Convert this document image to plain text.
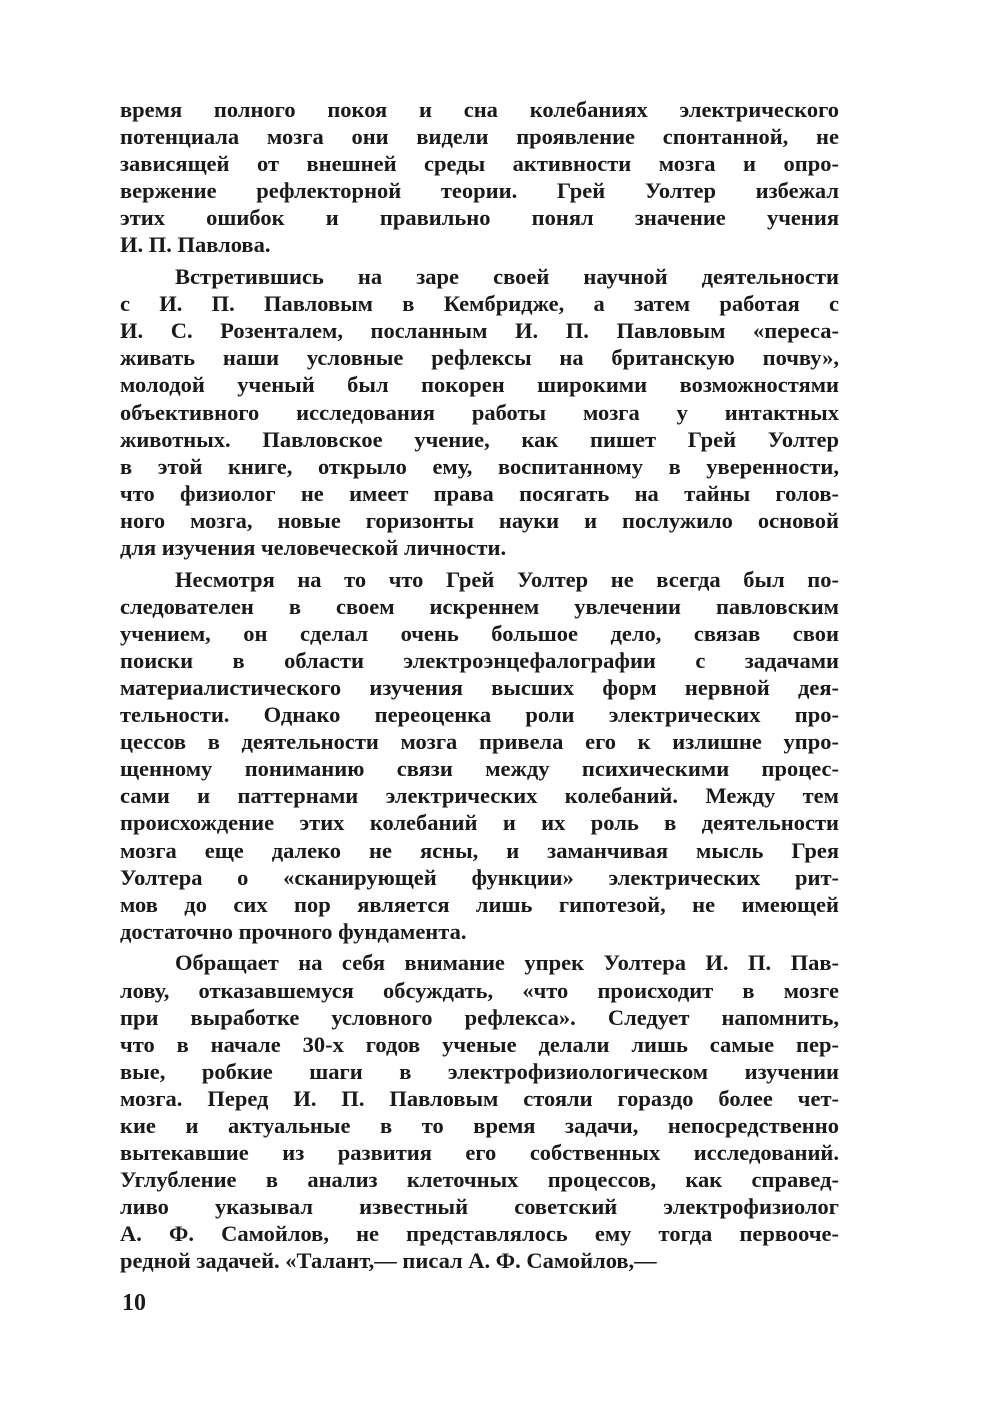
время полного покоя и сна колебаниях электрического
потенциала мозга они видели проявление спонтанной, не
зависящей от внешней среды активности мозга и опро-
вержение рефлекторной теории. Грей Уолтер избежал
этих ошибок и правильно понял значение учения
И. П. Павлова.
Встретившись на заре своей научной деятельности
с И. П. Павловым в Кембридже, а затем работая с
И. С. Розенталем, посланным И. П. Павловым «переса-
живать наши условные рефлексы на британскую почву»,
молодой ученый был покорен широкими возможностями
объективного исследования работы мозга у интактных
животных. Павловское учение, как пишет Грей Уолтер
в этой книге, открыло ему, воспитанному в уверенности,
что физиолог не имеет права посягать на тайны голов-
ного мозга, новые горизонты науки и послужило основой
для изучения человеческой личности.
Несмотря на то что Грей Уолтер не всегда был по-
следователен в своем искреннем увлечении павловским
учением, он сделал очень большое дело, связав свои
поиски в области электроэнцефалографии с задачами
материалистического изучения высших форм нервной дея-
тельности. Однако переоценка роли электрических про-
цессов в деятельности мозга привела его к излишне упро-
щенному пониманию связи между психическими процес-
сами и паттернами электрических колебаний. Между тем
происхождение этих колебаний и их роль в деятельности
мозга еще далеко не ясны, и заманчивая мысль Грея
Уолтера о «сканирующей функции» электрических рит-
мов до сих пор является лишь гипотезой, не имеющей
достаточно прочного фундамента.
Обращает на себя внимание упрек Уолтера И. П. Пав-
лову, отказавшемуся обсуждать, «что происходит в мозге
при выработке условного рефлекса». Следует напомнить,
что в начале 30-х годов ученые делали лишь самые пер-
вые, робкие шаги в электрофизиологическом изучении
мозга. Перед И. П. Павловым стояли гораздо более чет-
кие и актуальные в то время задачи, непосредственно
вытекавшие из развития его собственных исследований.
Углубление в анализ клеточных процессов, как справед-
ливо указывал известный советский электрофизиолог
А. Ф. Самойлов, не представлялось ему тогда первооче-
редной задачей. «Талант,— писал А. Ф. Самойлов,—
10
